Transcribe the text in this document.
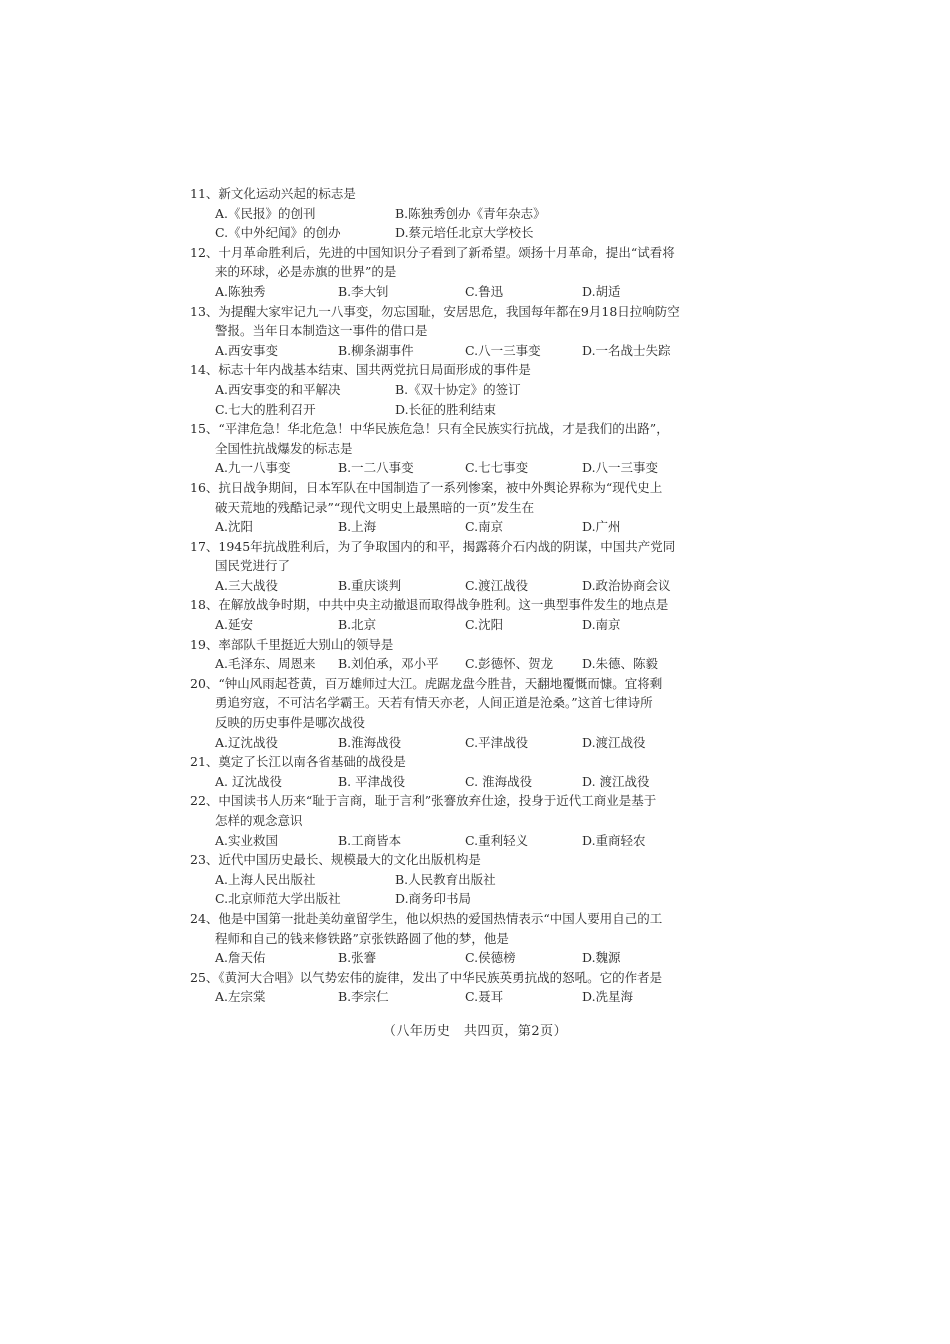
11、新文化运动兴起的标志是
A.《民报》的创刊	B.陈独秀创办《青年杂志》
C.《中外纪闻》的创办	D.蔡元培任北京大学校长
12、十月革命胜利后，先进的中国知识分子看到了新希望。颂扬十月革命，提出“试看将
来的环球，必是赤旗的世界”的是
A.陈独秀	B.李大钊	C.鲁迅	D.胡适
13、为提醒大家牢记九一八事变，勿忘国耻，安居思危，我国每年都在9月18日拉响防空
警报。当年日本制造这一事件的借口是
A.西安事变	B.柳条湖事件	C.八一三事变	D.一名战士失踪
14、标志十年内战基本结束、国共两党抗日局面形成的事件是
A.西安事变的和平解决	B.《双十协定》的签订
C.七大的胜利召开	D.长征的胜利结束
15、“平津危急！华北危急！中华民族危急！只有全民族实行抗战，才是我们的出路”，
全国性抗战爆发的标志是
A.九一八事变	B.一二八事变	C.七七事变	D.八一三事变
16、抗日战争期间，日本军队在中国制造了一系列惨案，被中外舆论界称为“现代史上
破天荒地的残酷记录”“现代文明史上最黑暗的一页”发生在
A.沈阳	B.上海	C.南京	D.广州
17、1945年抗战胜利后，为了争取国内的和平，揭露蒋介石内战的阴谋，中国共产党同
国民党进行了
A.三大战役	B.重庆谈判	C.渡江战役	D.政治协商会议
18、在解放战争时期，中共中央主动撤退而取得战争胜利。这一典型事件发生的地点是
A.延安	B.北京	C.沈阳	D.南京
19、率部队千里挺近大别山的领导是
A.毛泽东、周恩来 B.刘伯承，邓小平 C.彭德怀、贺龙 D.朱德、陈毅
20、“钟山风雨起苍黄，百万雄师过大江。虎踞龙盘今胜昔，天翻地覆慨而慷。宜将剩
勇追穷寇，不可沽名学霸王。天若有情天亦老，人间正道是沧桑。”这首七律诗所
反映的历史事件是哪次战役
A.辽沈战役	B.淮海战役	C.平津战役	D.渡江战役
21、奠定了长江以南各省基础的战役是
A. 辽沈战役	B. 平津战役	C. 淮海战役	D. 渡江战役
22、中国读书人历来“耻于言商，耻于言利”张謇放弃仕途，投身于近代工商业是基于
怎样的观念意识
A.实业救国	B.工商皆本	C.重利轻义	D.重商轻农
23、近代中国历史最长、规模最大的文化出版机构是
A.上海人民出版社	B.人民教育出版社
C.北京师范大学出版社	D.商务印书局
24、他是中国第一批赴美幼童留学生，他以炽热的爱国热情表示“中国人要用自己的工
程师和自己的钱来修铁路”京张铁路圆了他的梦，他是
A.詹天佑	B.张謇	C.侯德榜	D.魏源
25、《黄河大合唱》以气势宏伟的旋律，发出了中华民族英勇抗战的怒吼。它的作者是
A.左宗棠	B.李宗仁	C.聂耳	D.冼星海
（八年历史　共四页，第2页）
